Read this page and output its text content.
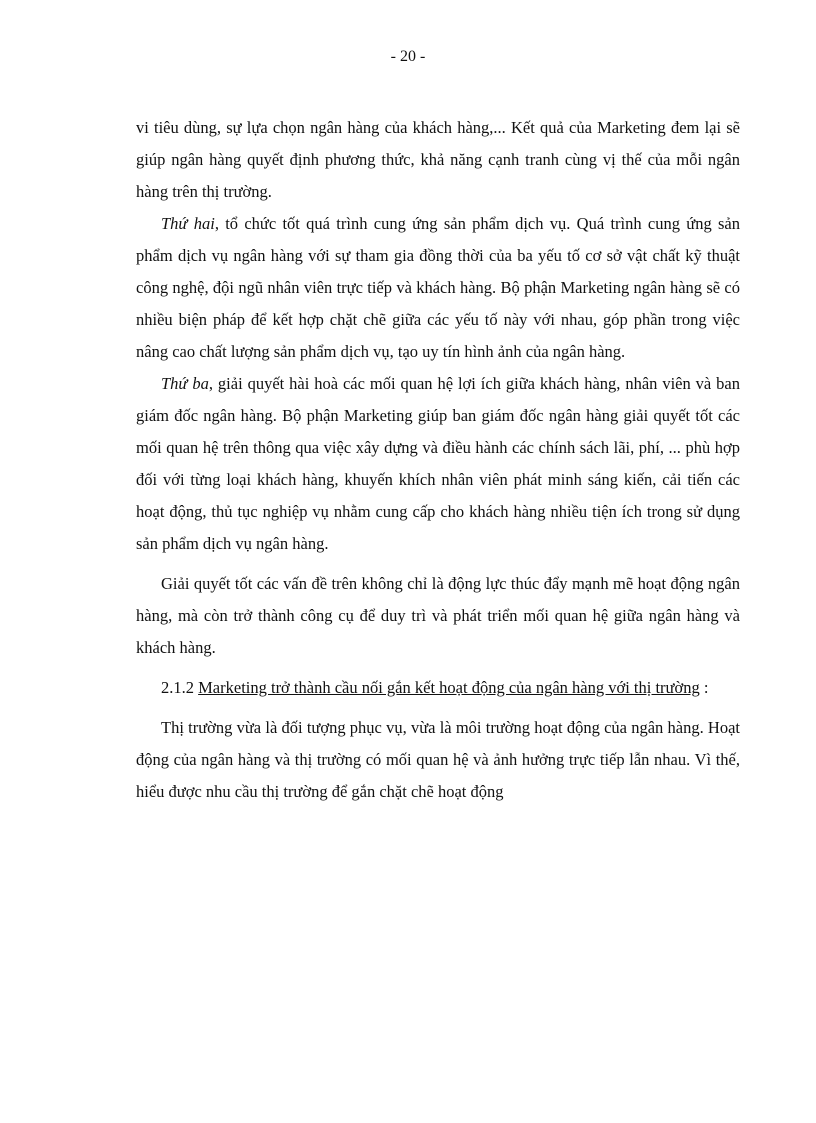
- 20 -

vi tiêu dùng, sự lựa chọn ngân hàng của khách hàng,... Kết quả của Marketing đem lại sẽ giúp ngân hàng quyết định phương thức, khả năng cạnh tranh cùng vị thế của mỗi ngân hàng trên thị trường.

Thứ hai, tổ chức tốt quá trình cung ứng sản phẩm dịch vụ. Quá trình cung ứng sản phẩm dịch vụ ngân hàng với sự tham gia đồng thời của ba yếu tố cơ sở vật chất kỹ thuật công nghệ, đội ngũ nhân viên trực tiếp và khách hàng. Bộ phận Marketing ngân hàng sẽ có nhiều biện pháp để kết hợp chặt chẽ giữa các yếu tố này với nhau, góp phần trong việc nâng cao chất lượng sản phẩm dịch vụ, tạo uy tín hình ảnh của ngân hàng.

Thứ ba, giải quyết hài hoà các mối quan hệ lợi ích giữa khách hàng, nhân viên và ban giám đốc ngân hàng. Bộ phận Marketing giúp ban giám đốc ngân hàng giải quyết tốt các mối quan hệ trên thông qua việc xây dựng và điều hành các chính sách lãi, phí, ... phù hợp đối với từng loại khách hàng, khuyến khích nhân viên phát minh sáng kiến, cải tiến các hoạt động, thủ tục nghiệp vụ nhằm cung cấp cho khách hàng nhiều tiện ích trong sử dụng sản phẩm dịch vụ ngân hàng.

Giải quyết tốt các vấn đề trên không chỉ là động lực thúc đẩy mạnh mẽ hoạt động ngân hàng, mà còn trở thành công cụ để duy trì và phát triển mối quan hệ giữa ngân hàng và khách hàng.

2.1.2 Marketing trở thành cầu nối gắn kết hoạt động của ngân hàng với thị trường :

Thị trường vừa là đối tượng phục vụ, vừa là môi trường hoạt động của ngân hàng. Hoạt động của ngân hàng và thị trường có mối quan hệ và ảnh hưởng trực tiếp lẫn nhau. Vì thế, hiểu được nhu cầu thị trường để gắn chặt chẽ hoạt động
